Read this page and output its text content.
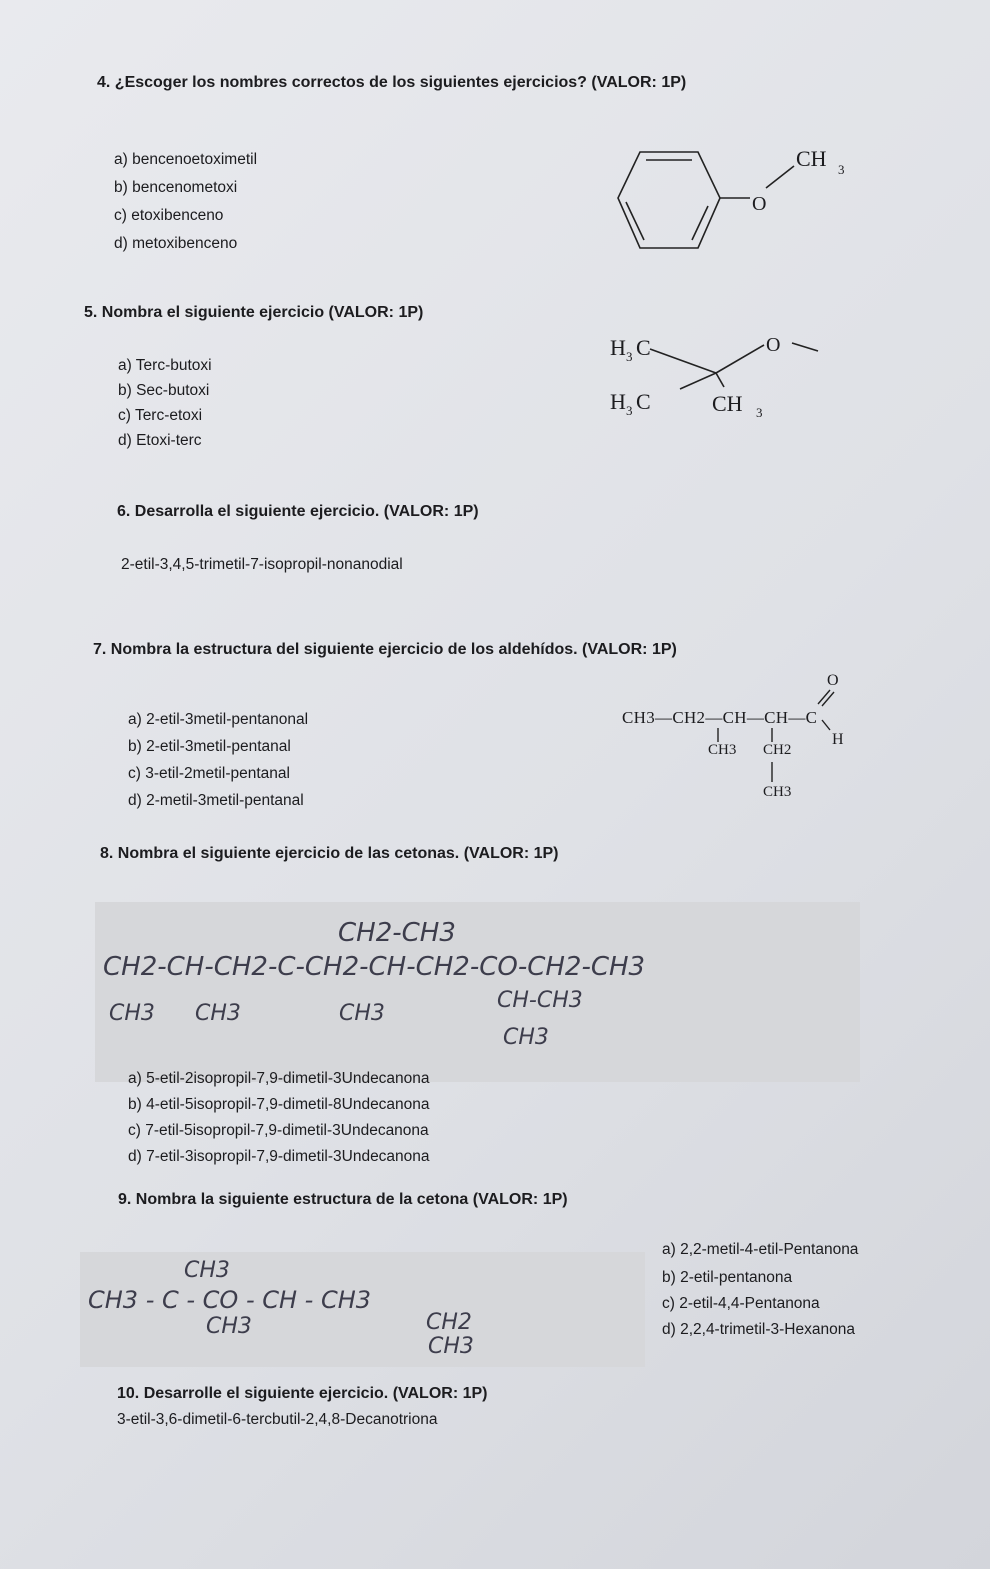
4. ¿Escoger los nombres correctos de los siguientes ejercicios? (VALOR: 1P)
a) bencenoetoximetil
b) bencenometoxi
c) etoxibenceno
d) metoxibenceno
O
CH 3
5. Nombra el siguiente ejercicio (VALOR: 1P)
a) Terc-butoxi
b) Sec-butoxi
c) Terc-etoxi
d) Etoxi-terc
H 3 C	O
H 3 C	CH 3
6. Desarrolla el siguiente ejercicio. (VALOR: 1P)
2-etil-3,4,5-trimetil-7-isopropil-nonanodial
7. Nombra la estructura del siguiente ejercicio de los aldehídos. (VALOR: 1P)
a) 2-etil-3metil-pentanonal
b) 2-etil-3metil-pentanal
c) 3-etil-2metil-pentanal
d) 2-metil-3metil-pentanal
CH3—CH2—CH—CH—C
O
H
CH3 CH2
CH3
8. Nombra el siguiente ejercicio de las cetonas. (VALOR: 1P)
CH2-CH3
CH2-CH-CH2-C-CH2-CH-CH2-CO-CH2-CH3
CH3 CH3	CH3
CH-CH3
CH3
a) 5-etil-2isopropil-7,9-dimetil-3Undecanona
b) 4-etil-5isopropil-7,9-dimetil-8Undecanona
c) 7-etil-5isopropil-7,9-dimetil-3Undecanona
d) 7-etil-3isopropil-7,9-dimetil-3Undecanona
9. Nombra la siguiente estructura de la cetona (VALOR: 1P)
CH3
CH3 - C - CO - CH - CH3
CH3	CH2
CH3
a) 2,2-metil-4-etil-Pentanona
b) 2-etil-pentanona
c) 2-etil-4,4-Pentanona
d) 2,2,4-trimetil-3-Hexanona
10. Desarrolle el siguiente ejercicio. (VALOR: 1P)
3-etil-3,6-dimetil-6-tercbutil-2,4,8-Decanotriona
